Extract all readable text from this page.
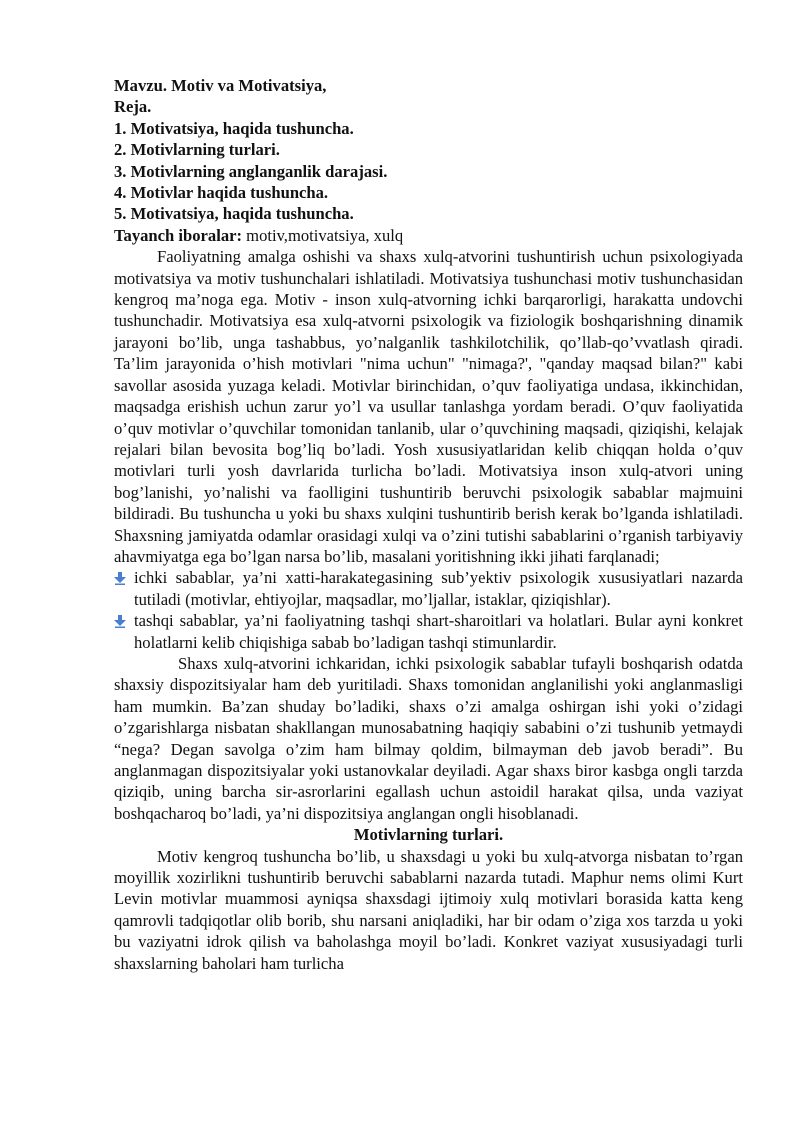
Mavzu. Motiv va Motivatsiya,

Reja.

1. Motivatsiya, haqida tushuncha.

2. Motivlarning turlari.

3. Motivlarning anglanganlik darajasi.

4. Motivlar haqida tushuncha.

5. Motivatsiya, haqida tushuncha.

Tayanch iboralar: motiv,motivatsiya, xulq

Faoliyatning amalga oshishi va shaxs xulq-atvorini tushuntirish uchun psixologiyada motivatsiya va motiv tushunchalari ishlatiladi. Motivatsiya tushunchasi motiv tushunchasidan kengroq ma’noga ega. Motiv - inson xulq-atvorning ichki barqarorligi, harakatta undovchi tushunchadir. Motivatsiya esa xulq-atvorni psixologik va fiziologik boshqarishning dinamik jarayoni bo’lib, unga tashabbus, yo’nalganlik tashkilotchilik, qo’llab-qo’vvatlash qiradi. Ta’lim jarayonida o’hish motivlari "nima uchun" "nimaga?', "qanday maqsad bilan?" kabi savollar asosida yuzaga keladi. Motivlar birinchidan, o’quv faoliyatiga undasa, ikkinchidan, maqsadga erishish uchun zarur yo’l va usullar tanlashga yordam beradi. O’quv faoliyatida o’quv motivlar o’quvchilar tomonidan tanlanib, ular o’quvchining maqsadi, qiziqishi, kelajak rejalari bilan bevosita bog’liq bo’ladi. Yosh xususiyatlaridan kelib chiqqan holda o’quv motivlari turli yosh davrlarida turlicha bo’ladi. Motivatsiya inson xulq-atvori uning bog’lanishi, yo’nalishi va faolligini tushuntirib beruvchi psixologik sabablar majmuini bildiradi. Bu tushuncha u yoki bu shaxs xulqini tushuntirib berish kerak bo’lganda ishlatiladi. Shaxsning jamiyatda odamlar orasidagi xulqi va o’zini tutishi sabablarini o’rganish tarbiyaviy ahavmiyatga ega bo’lgan narsa bo’lib, masalani yoritishning ikki jihati farqlanadi;

ichki sabablar, ya’ni xatti-harakategasining sub’yektiv psixologik xususiyatlari nazarda tutiladi (motivlar, ehtiyojlar, maqsadlar, mo’ljallar, istaklar, qiziqishlar).
tashqi sabablar, ya’ni faoliyatning tashqi shart-sharoitlari va holatlari. Bular ayni konkret holatlarni kelib chiqishiga sabab bo’ladigan tashqi stimunlardir.

Shaxs xulq-atvorini ichkaridan, ichki psixologik sabablar tufayli boshqarish odatda shaxsiy dispozitsiyalar ham deb yuritiladi. Shaxs tomonidan anglanilishi yoki anglanmasligi ham mumkin. Ba’zan shuday bo’ladiki, shaxs o’zi amalga oshirgan ishi yoki o’zidagi o’zgarishlarga nisbatan shakllangan munosabatning haqiqiy sababini o’zi tushunib yetmaydi “nega? Degan savolga o’zim ham bilmay qoldim, bilmayman deb javob beradi”. Bu anglanmagan dispozitsiyalar yoki ustanovkalar deyiladi. Agar shaxs biror kasbga ongli tarzda qiziqib, uning barcha sir-asrorlarini egallash uchun astoidil harakat qilsa, unda vaziyat boshqacharoq bo’ladi, ya’ni dispozitsiya anglangan ongli hisoblanadi.

Motivlarning turlari.

Motiv kengroq tushuncha bo’lib, u shaxsdagi u yoki bu xulq-atvorga nisbatan to’rgan moyillik xozirlikni tushuntirib beruvchi sabablarni nazarda tutadi. Maphur nems olimi Kurt Levin motivlar muammosi ayniqsa shaxsdagi ijtimoiy xulq motivlari borasida katta keng qamrovli tadqiqotlar olib borib, shu narsani aniqladiki, har bir odam o’ziga xos tarzda u yoki bu vaziyatni idrok qilish va baholashga moyil bo’ladi. Konkret vaziyat xususiyadagi turli shaxslarning baholari ham turlicha
